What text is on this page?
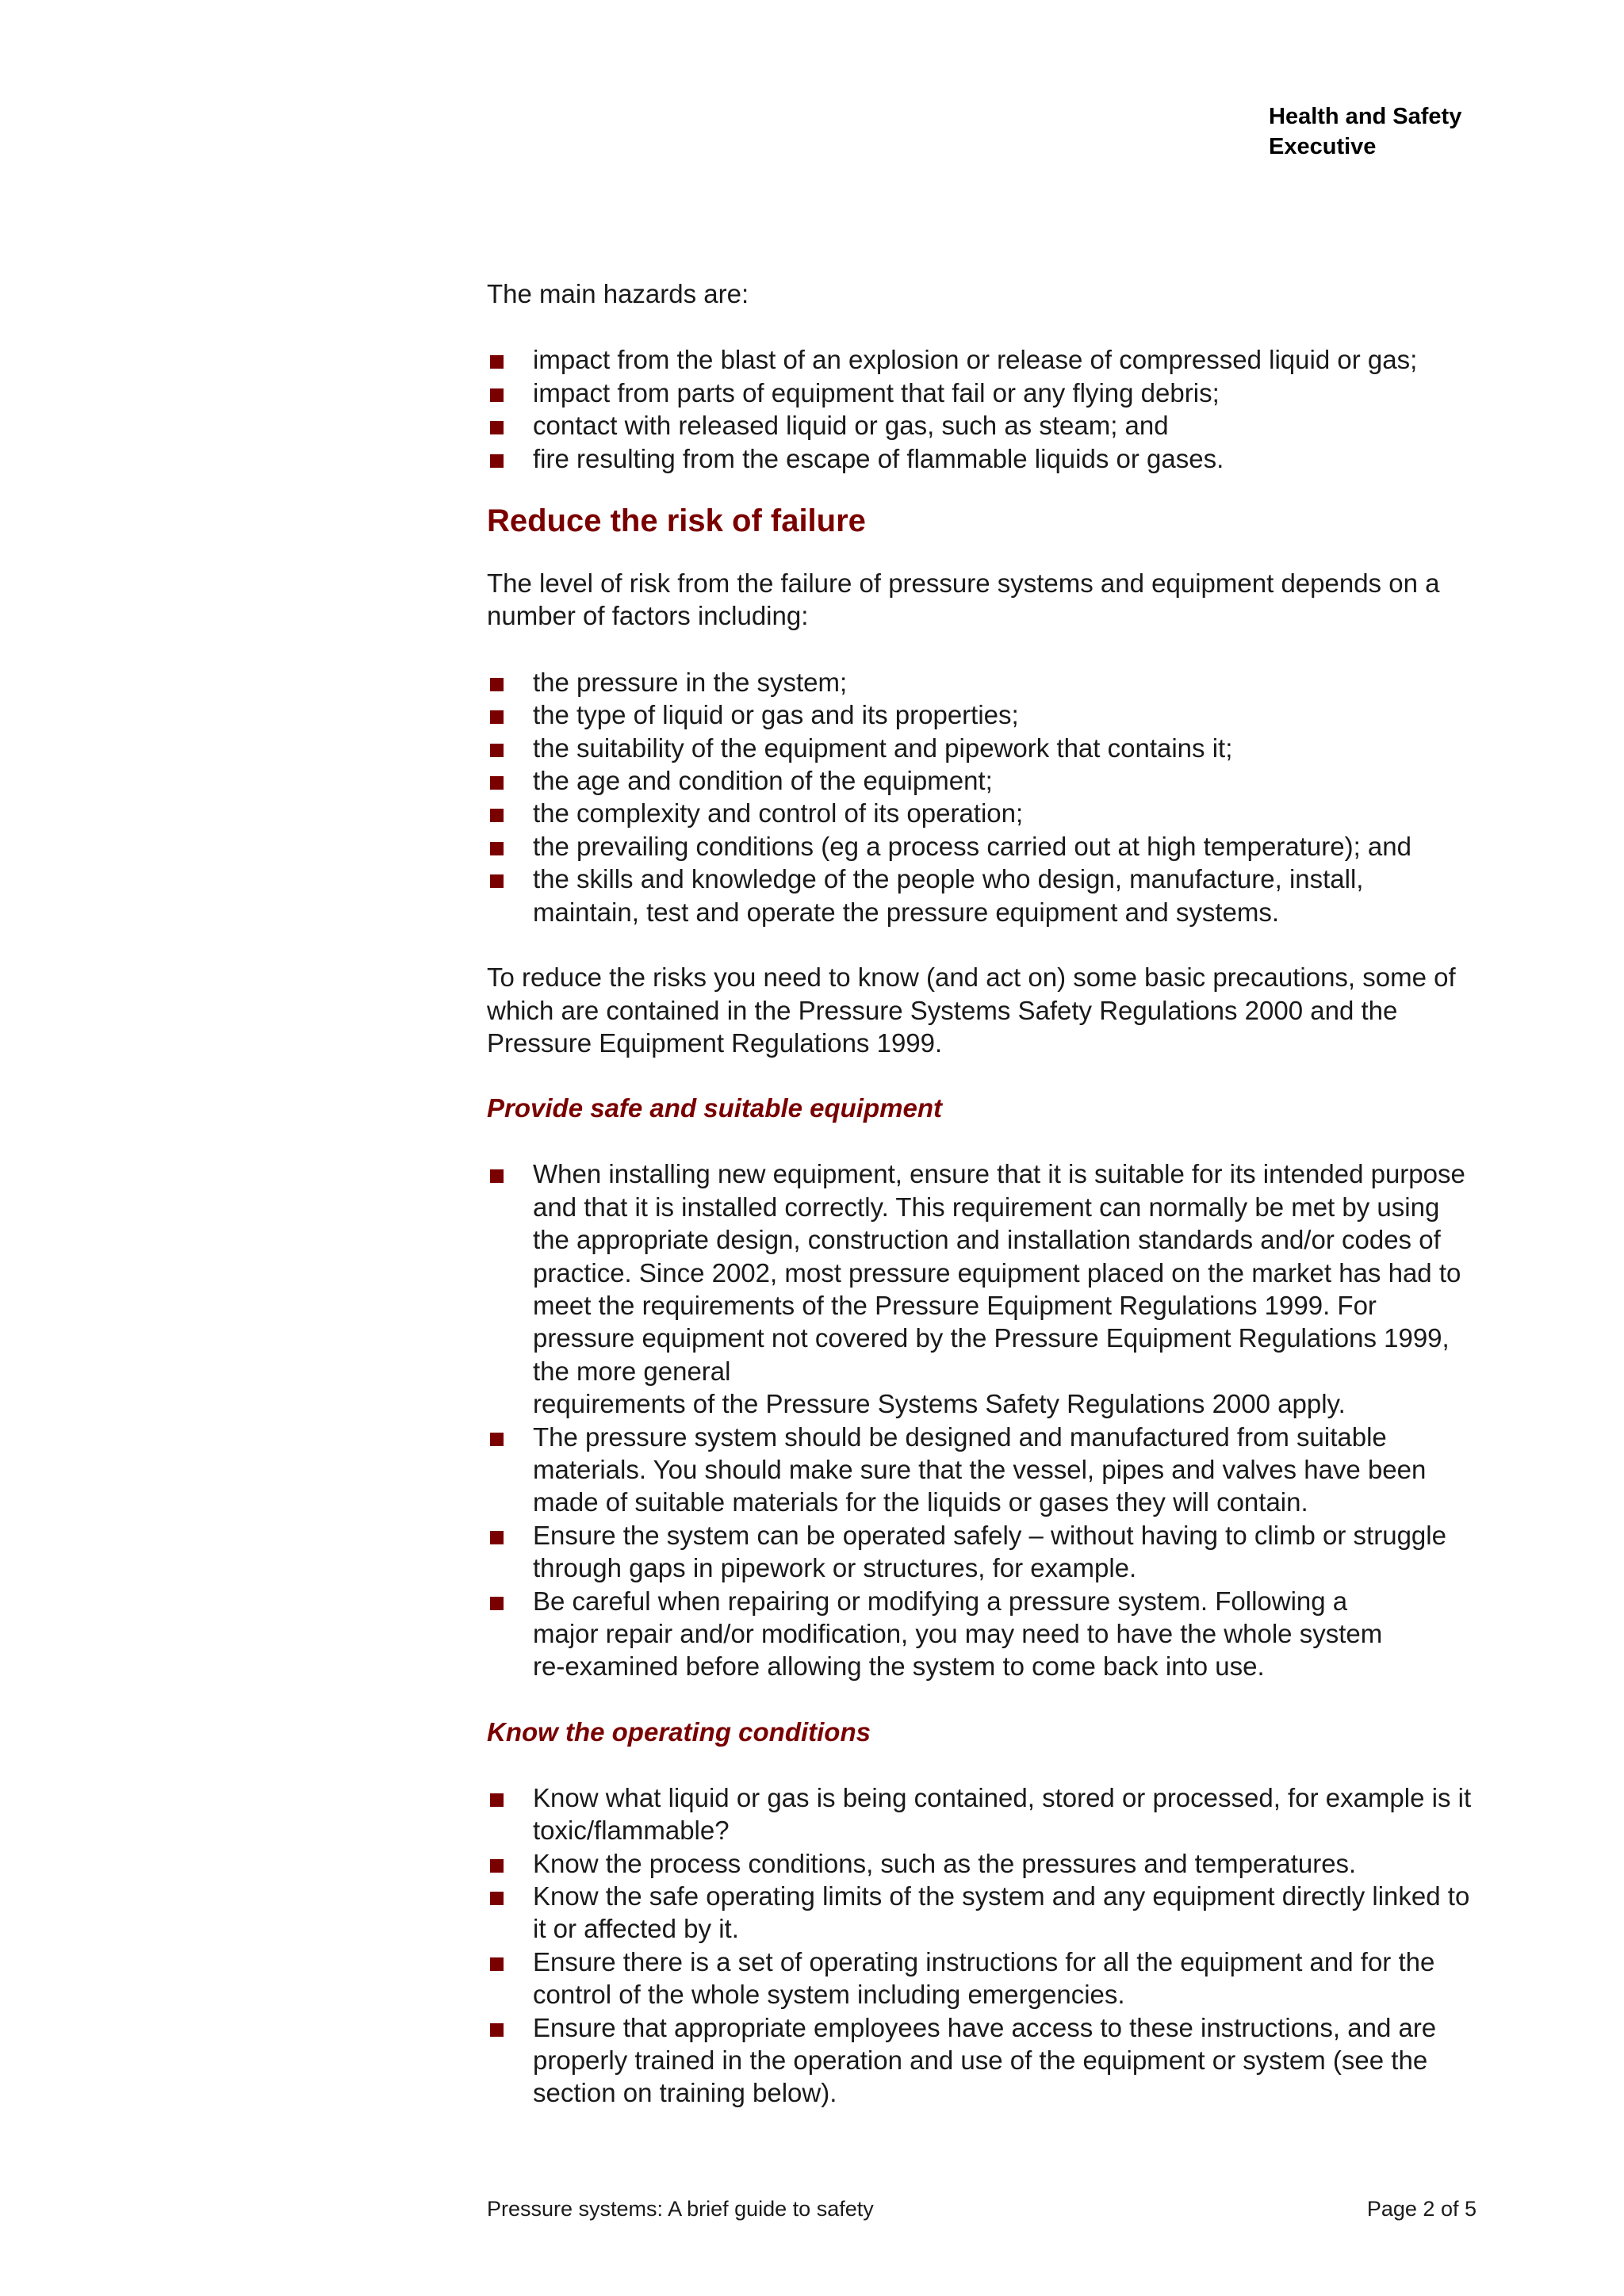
Health and Safety
Executive

The main hazards are:

impact from the blast of an explosion or release of compressed liquid or gas;
impact from parts of equipment that fail or any flying debris;
contact with released liquid or gas, such as steam; and
fire resulting from the escape of flammable liquids or gases.
Reduce the risk of failure

The level of risk from the failure of pressure systems and equipment depends on a number of factors including:

the pressure in the system;
the type of liquid or gas and its properties;
the suitability of the equipment and pipework that contains it;
the age and condition of the equipment;
the complexity and control of its operation;
the prevailing conditions (eg a process carried out at high temperature); and
the skills and knowledge of the people who design, manufacture, install, maintain, test and operate the pressure equipment and systems.

To reduce the risks you need to know (and act on) some basic precautions, some of which are contained in the Pressure Systems Safety Regulations 2000 and the Pressure Equipment Regulations 1999.

Provide safe and suitable equipment
When installing new equipment, ensure that it is suitable for its intended purpose and that it is installed correctly. This requirement can normally be met by using the appropriate design, construction and installation standards and/or codes of practice. Since 2002, most pressure equipment placed on the market has had to meet the requirements of the Pressure Equipment Regulations 1999. For pressure equipment not covered by the Pressure Equipment Regulations 1999, the more general
requirements of the Pressure Systems Safety Regulations 2000 apply.
The pressure system should be designed and manufactured from suitable materials. You should make sure that the vessel, pipes and valves have been made of suitable materials for the liquids or gases they will contain.
Ensure the system can be operated safely – without having to climb or struggle through gaps in pipework or structures, for example.
Be careful when repairing or modifying a pressure system. Following a major repair and/or modification, you may need to have the whole system re-examined before allowing the system to come back into use.
Know the operating conditions
Know what liquid or gas is being contained, stored or processed, for example is it toxic/flammable?
Know the process conditions, such as the pressures and temperatures.
Know the safe operating limits of the system and any equipment directly linked to it or affected by it.
Ensure there is a set of operating instructions for all the equipment and for the control of the whole system including emergencies.
Ensure that appropriate employees have access to these instructions, and are properly trained in the operation and use of the equipment or system (see the section on training below).
Pressure systems: A brief guide to safety	Page 2 of 5
